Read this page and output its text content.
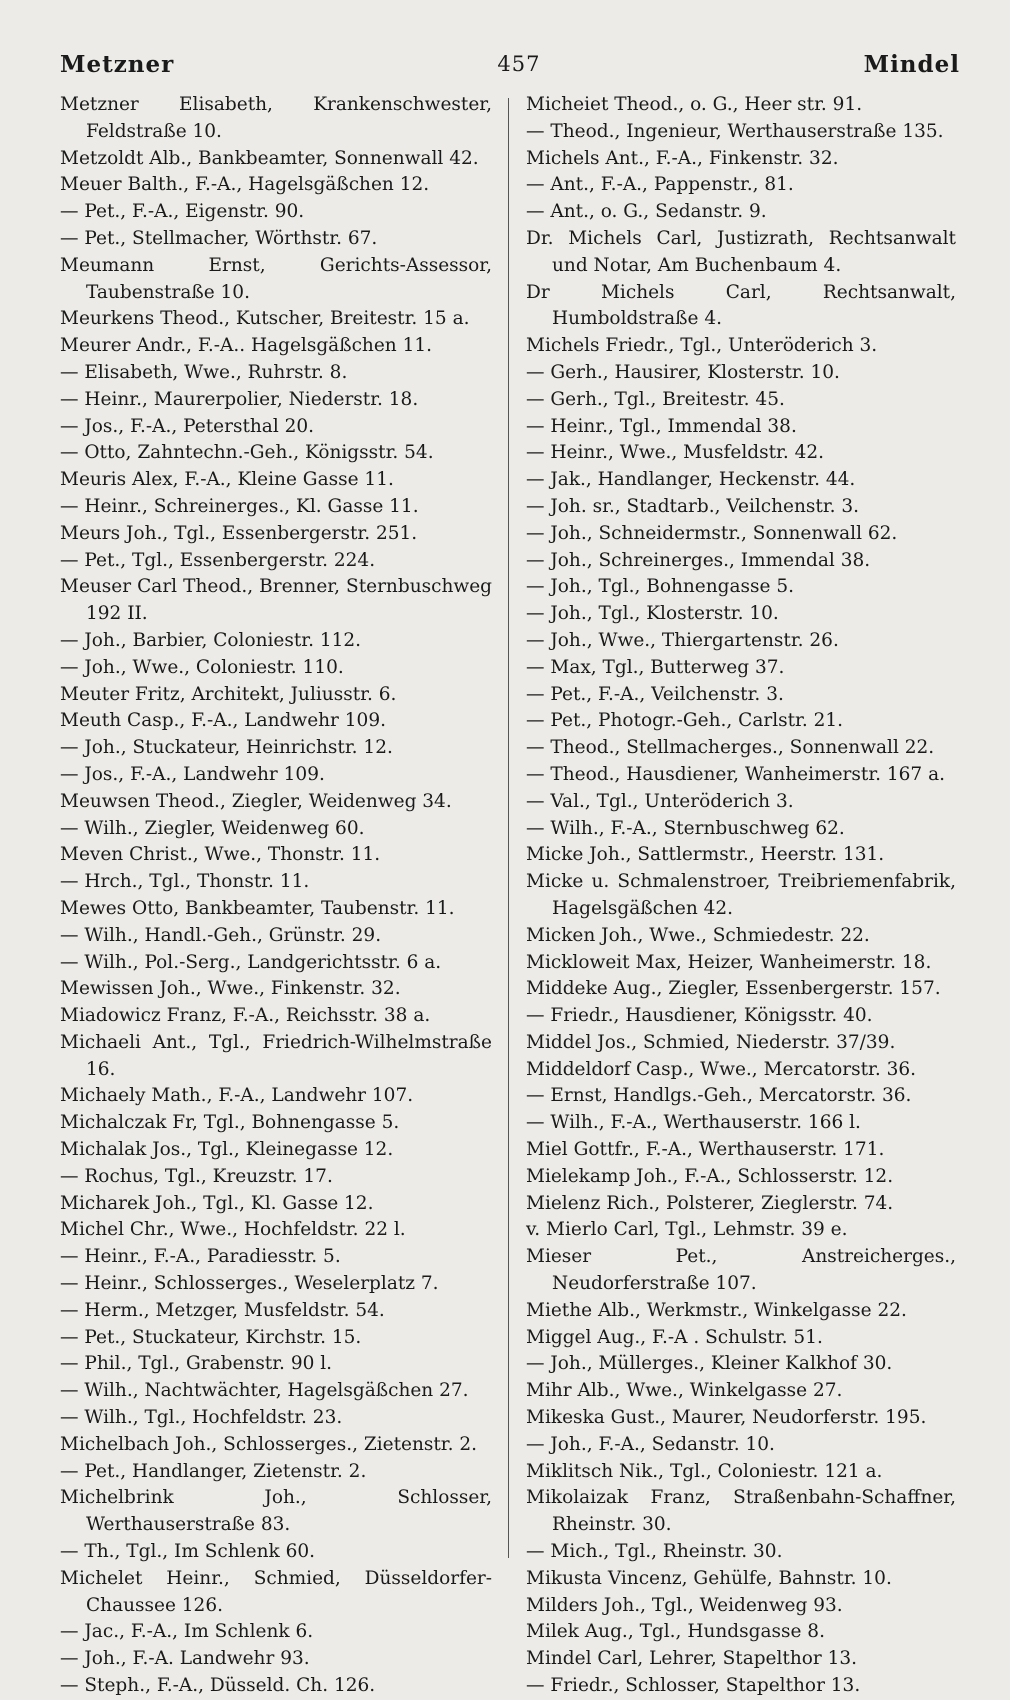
Metzner	457	Mindel

Metzner Elisabeth, Krankenschwester, Feldstraße 10.

Metzoldt Alb., Bankbeamter, Sonnenwall 42.

Meuer Balth., F.-A., Hagelsgäßchen 12.

— Pet., F.-A., Eigenstr. 90.

— Pet., Stellmacher, Wörthstr. 67.

Meumann Ernst, Gerichts-Assessor, Taubenstraße 10.

Meurkens Theod., Kutscher, Breitestr. 15 a.

Meurer Andr., F.-A.. Hagelsgäßchen 11.

— Elisabeth, Wwe., Ruhrstr. 8.

— Heinr., Maurerpolier, Niederstr. 18.

— Jos., F.-A., Petersthal 20.

— Otto, Zahntechn.-Geh., Königsstr. 54.

Meuris Alex, F.-A., Kleine Gasse 11.

— Heinr., Schreinerges., Kl. Gasse 11.

Meurs Joh., Tgl., Essenbergerstr. 251.

— Pet., Tgl., Essenbergerstr. 224.

Meuser Carl Theod., Brenner, Sternbuschweg 192 II.

— Joh., Barbier, Coloniestr. 112.

— Joh., Wwe., Coloniestr. 110.

Meuter Fritz, Architekt, Juliusstr. 6.

Meuth Casp., F.-A., Landwehr 109.

— Joh., Stuckateur, Heinrichstr. 12.

— Jos., F.-A., Landwehr 109.

Meuwsen Theod., Ziegler, Weidenweg 34.

— Wilh., Ziegler, Weidenweg 60.

Meven Christ., Wwe., Thonstr. 11.

— Hrch., Tgl., Thonstr. 11.

Mewes Otto, Bankbeamter, Taubenstr. 11.

— Wilh., Handl.-Geh., Grünstr. 29.

— Wilh., Pol.-Serg., Landgerichtsstr. 6 a.

Mewissen Joh., Wwe., Finkenstr. 32.

Miadowicz Franz, F.-A., Reichsstr. 38 a.

Michaeli Ant., Tgl., Friedrich-Wilhelmstraße 16.

Michaely Math., F.-A., Landwehr 107.

Michalczak Fr, Tgl., Bohnengasse 5.

Michalak Jos., Tgl., Kleinegasse 12.

— Rochus, Tgl., Kreuzstr. 17.

Micharek Joh., Tgl., Kl. Gasse 12.

Michel Chr., Wwe., Hochfeldstr. 22 l.

— Heinr., F.-A., Paradiesstr. 5.

— Heinr., Schlosserges., Weselerplatz 7.

— Herm., Metzger, Musfeldstr. 54.

— Pet., Stuckateur, Kirchstr. 15.

— Phil., Tgl., Grabenstr. 90 l.

— Wilh., Nachtwächter, Hagelsgäßchen 27.

— Wilh., Tgl., Hochfeldstr. 23.

Michelbach Joh., Schlosserges., Zietenstr. 2.

— Pet., Handlanger, Zietenstr. 2.

Michelbrink Joh., Schlosser, Werthauserstraße 83.

— Th., Tgl., Im Schlenk 60.

Michelet Heinr., Schmied, Düsseldorfer-Chaussee 126.

— Jac., F.-A., Im Schlenk 6.

— Joh., F.-A. Landwehr 93.

— Steph., F.-A., Düsseld. Ch. 126.

Micheiet Theod., o. G., Heer str. 91.

— Theod., Ingenieur, Werthauserstraße 135.

Michels Ant., F.-A., Finkenstr. 32.

— Ant., F.-A., Pappenstr., 81.

— Ant., o. G., Sedanstr. 9.

Dr. Michels Carl, Justizrath, Rechtsanwalt und Notar, Am Buchenbaum 4.

Dr Michels Carl, Rechtsanwalt, Humboldstraße 4.

Michels Friedr., Tgl., Unteröderich 3.

— Gerh., Hausirer, Klosterstr. 10.

— Gerh., Tgl., Breitestr. 45.

— Heinr., Tgl., Immendal 38.

— Heinr., Wwe., Musfeldstr. 42.

— Jak., Handlanger, Heckenstr. 44.

— Joh. sr., Stadtarb., Veilchenstr. 3.

— Joh., Schneidermstr., Sonnenwall 62.

— Joh., Schreinerges., Immendal 38.

— Joh., Tgl., Bohnengasse 5.

— Joh., Tgl., Klosterstr. 10.

— Joh., Wwe., Thiergartenstr. 26.

— Max, Tgl., Butterweg 37.

— Pet., F.-A., Veilchenstr. 3.

— Pet., Photogr.-Geh., Carlstr. 21.

— Theod., Stellmacherges., Sonnenwall 22.

— Theod., Hausdiener, Wanheimerstr. 167 a.

— Val., Tgl., Unteröderich 3.

— Wilh., F.-A., Sternbuschweg 62.

Micke Joh., Sattlermstr., Heerstr. 131.

Micke u. Schmalenstroer, Treibriemenfabrik, Hagelsgäßchen 42.

Micken Joh., Wwe., Schmiedestr. 22.

Mickloweit Max, Heizer, Wanheimerstr. 18.

Middeke Aug., Ziegler, Essenbergerstr. 157.

— Friedr., Hausdiener, Königsstr. 40.

Middel Jos., Schmied, Niederstr. 37/39.

Middeldorf Casp., Wwe., Mercatorstr. 36.

— Ernst, Handlgs.-Geh., Mercatorstr. 36.

— Wilh., F.-A., Werthauserstr. 166 l.

Miel Gottfr., F.-A., Werthauserstr. 171.

Mielekamp Joh., F.-A., Schlosserstr. 12.

Mielenz Rich., Polsterer, Zieglerstr. 74.

v. Mierlo Carl, Tgl., Lehmstr. 39 e.

Mieser Pet., Anstreicherges., Neudorferstraße 107.

Miethe Alb., Werkmstr., Winkelgasse 22.

Miggel Aug., F.-A . Schulstr. 51.

— Joh., Müllerges., Kleiner Kalkhof 30.

Mihr Alb., Wwe., Winkelgasse 27.

Mikeska Gust., Maurer, Neudorferstr. 195.

— Joh., F.-A., Sedanstr. 10.

Miklitsch Nik., Tgl., Coloniestr. 121 a.

Mikolaizak Franz, Straßenbahn-Schaffner, Rheinstr. 30.

— Mich., Tgl., Rheinstr. 30.

Mikusta Vincenz, Gehülfe, Bahnstr. 10.

Milders Joh., Tgl., Weidenweg 93.

Milek Aug., Tgl., Hundsgasse 8.

Mindel Carl, Lehrer, Stapelthor 13.

— Friedr., Schlosser, Stapelthor 13.
